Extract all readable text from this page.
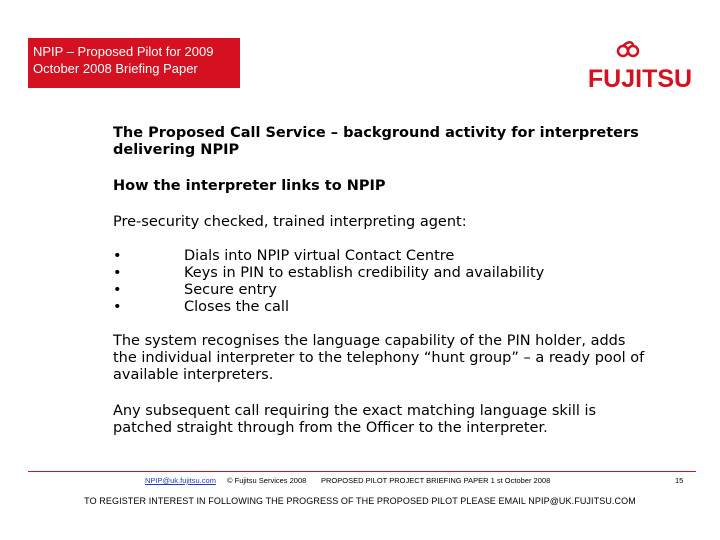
NPIP – Proposed Pilot for 2009
October 2008 Briefing Paper	FUJITSU
The Proposed Call Service – background activity for interpreters delivering NPIP
How the interpreter links to NPIP
Pre-security checked, trained interpreting agent:
•	Dials into NPIP virtual Contact Centre
•	Keys in PIN to establish credibility and availability
•	Secure entry
•	Closes the call
The system recognises the language capability of the PIN holder, adds the individual interpreter to the telephony “hunt group” – a ready pool of available interpreters.
Any subsequent call requiring the exact matching language skill is patched straight through from the Officer to the interpreter.
NPIP@uk.fujitsu.com © Fujitsu Services 2008 PROPOSED PILOT PROJECT BRIEFING PAPER 1 st October 2008	15
TO REGISTER INTEREST IN FOLLOWING THE PROGRESS OF THE PROPOSED PILOT PLEASE EMAIL NPIP@UK.FUJITSU.COM
